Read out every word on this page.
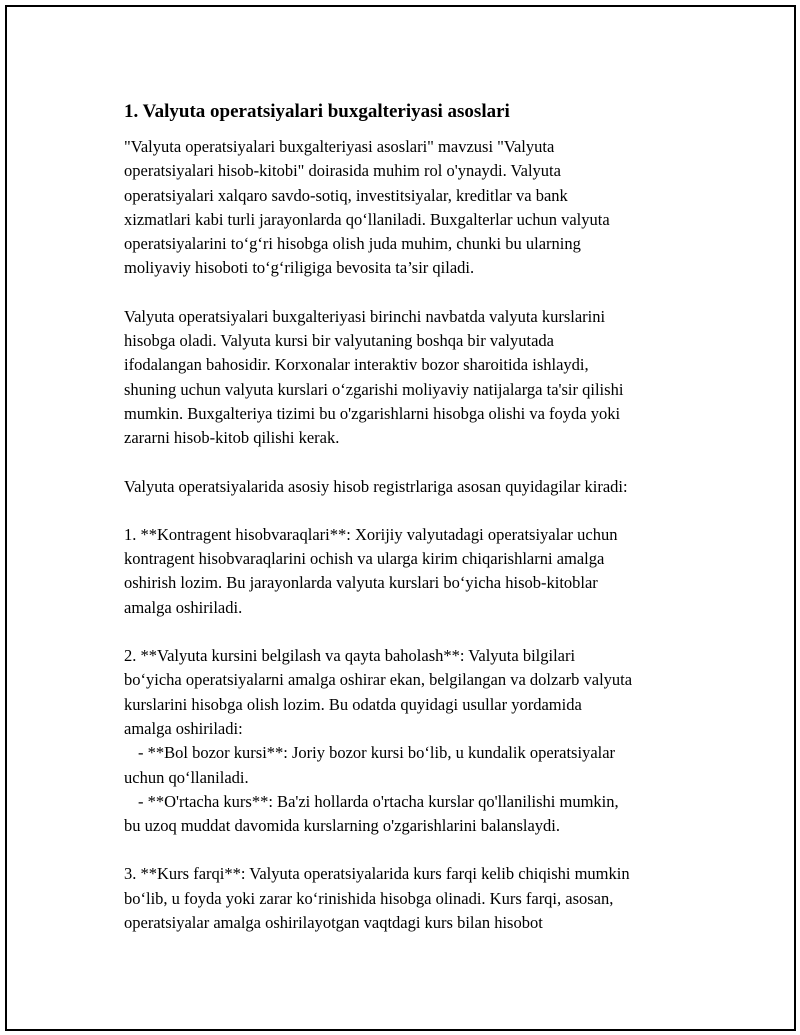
1. Valyuta operatsiyalari buxgalteriyasi asoslari

"Valyuta operatsiyalari buxgalteriyasi asoslari" mavzusi "Valyuta
operatsiyalari hisob-kitobi" doirasida muhim rol o'ynaydi. Valyuta
operatsiyalari xalqaro savdo-sotiq, investitsiyalar, kreditlar va bank
xizmatlari kabi turli jarayonlarda qo‘llaniladi. Buxgalterlar uchun valyuta
operatsiyalarini to‘g‘ri hisobga olish juda muhim, chunki bu ularning
moliyaviy hisoboti to‘g‘riligiga bevosita ta’sir qiladi.

Valyuta operatsiyalari buxgalteriyasi birinchi navbatda valyuta kurslarini
hisobga oladi. Valyuta kursi bir valyutaning boshqa bir valyutada
ifodalangan bahosidir. Korxonalar interaktiv bozor sharoitida ishlaydi,
shuning uchun valyuta kurslari o‘zgarishi moliyaviy natijalarga ta'sir qilishi
mumkin. Buxgalteriya tizimi bu o'zgarishlarni hisobga olishi va foyda yoki
zararni hisob-kitob qilishi kerak.

Valyuta operatsiyalarida asosiy hisob registrlariga asosan quyidagilar kiradi:

1. **Kontragent hisobvaraqlari**: Xorijiy valyutadagi operatsiyalar uchun
kontragent hisobvaraqlarini ochish va ularga kirim chiqarishlarni amalga
oshirish lozim. Bu jarayonlarda valyuta kurslari bo‘yicha hisob-kitoblar
amalga oshiriladi.

2. **Valyuta kursini belgilash va qayta baholash**: Valyuta bilgilari
bo‘yicha operatsiyalarni amalga oshirar ekan, belgilangan va dolzarb valyuta
kurslarini hisobga olish lozim. Bu odatda quyidagi usullar yordamida
amalga oshiriladi:
- **Bol bozor kursi**: Joriy bozor kursi bo‘lib, u kundalik operatsiyalar
uchun qo‘llaniladi.
- **O'rtacha kurs**: Ba'zi hollarda o'rtacha kurslar qo'llanilishi mumkin,
bu uzoq muddat davomida kurslarning o'zgarishlarini balanslaydi.

3. **Kurs farqi**: Valyuta operatsiyalarida kurs farqi kelib chiqishi mumkin
bo‘lib, u foyda yoki zarar ko‘rinishida hisobga olinadi. Kurs farqi, asosan,
operatsiyalar amalga oshirilayotgan vaqtdagi kurs bilan hisobot
